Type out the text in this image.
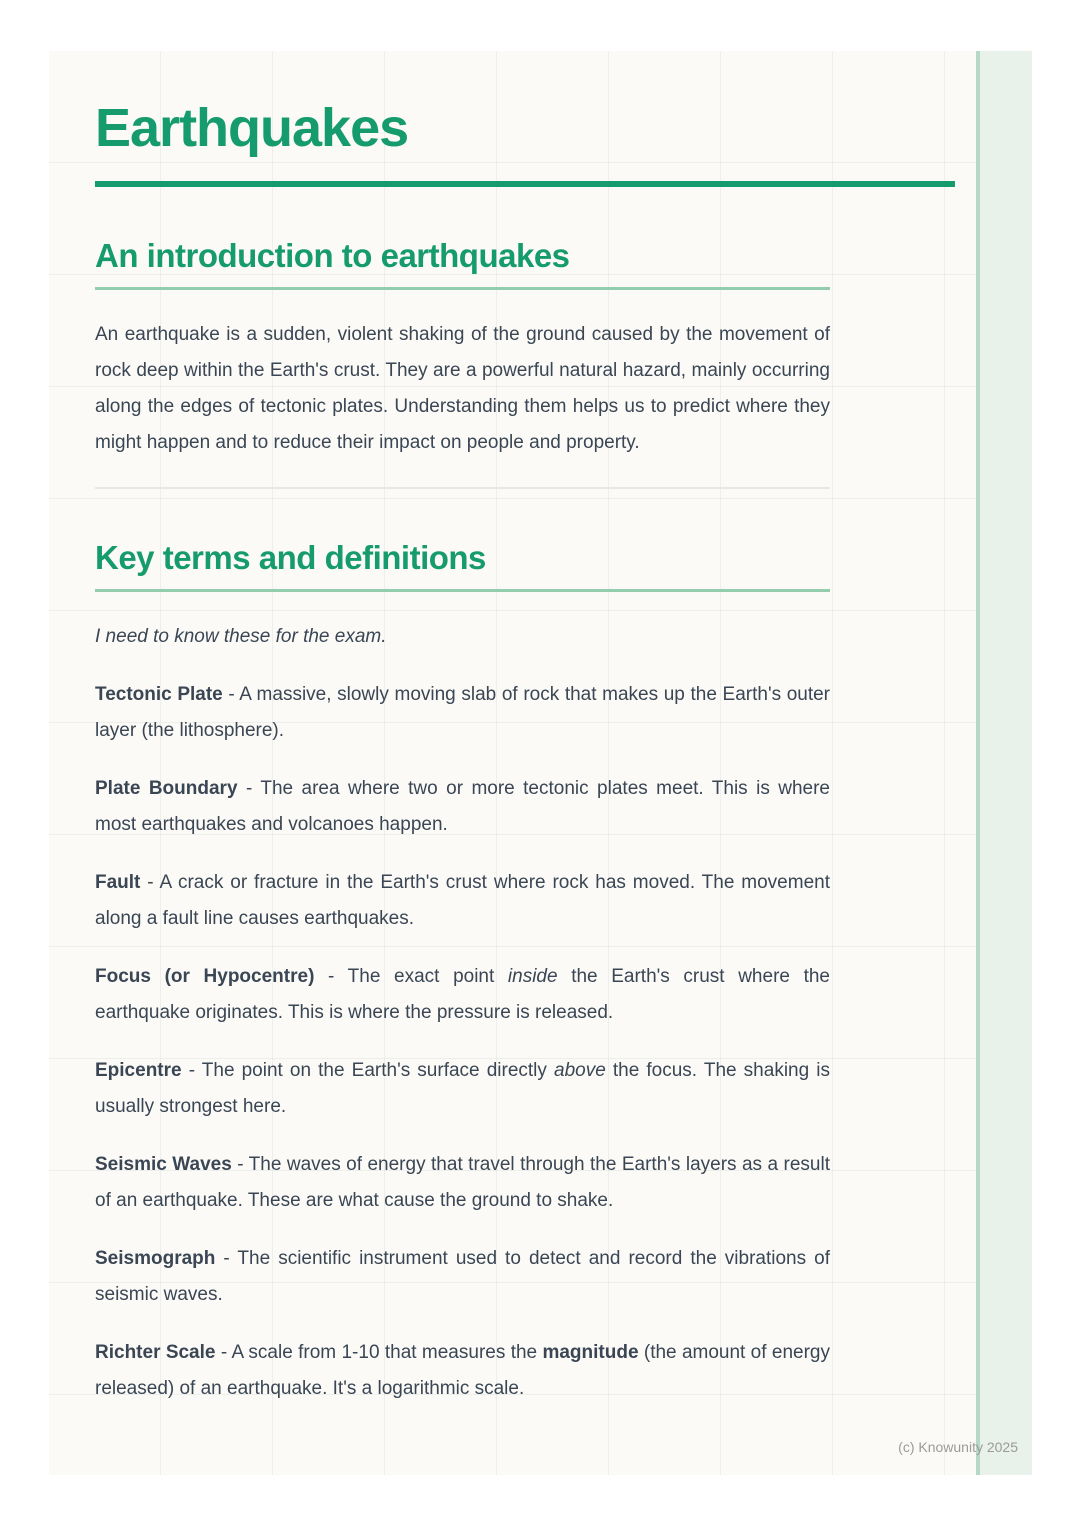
Earthquakes
An introduction to earthquakes

An earthquake is a sudden, violent shaking of the ground caused by the movement of rock deep within the Earth's crust. They are a powerful natural hazard, mainly occurring along the edges of tectonic plates. Understanding them helps us to predict where they might happen and to reduce their impact on people and property.

Key terms and definitions

I need to know these for the exam.

Tectonic Plate - A massive, slowly moving slab of rock that makes up the Earth's outer layer (the lithosphere).

Plate Boundary - The area where two or more tectonic plates meet. This is where most earthquakes and volcanoes happen.

Fault - A crack or fracture in the Earth's crust where rock has moved. The movement along a fault line causes earthquakes.

Focus (or Hypocentre) - The exact point inside the Earth's crust where the earthquake originates. This is where the pressure is released.

Epicentre - The point on the Earth's surface directly above the focus. The shaking is usually strongest here.

Seismic Waves - The waves of energy that travel through the Earth's layers as a result of an earthquake. These are what cause the ground to shake.

Seismograph - The scientific instrument used to detect and record the vibrations of seismic waves.

Richter Scale - A scale from 1-10 that measures the magnitude (the amount of energy released) of an earthquake. It's a logarithmic scale.

(c) Knowunity 2025
